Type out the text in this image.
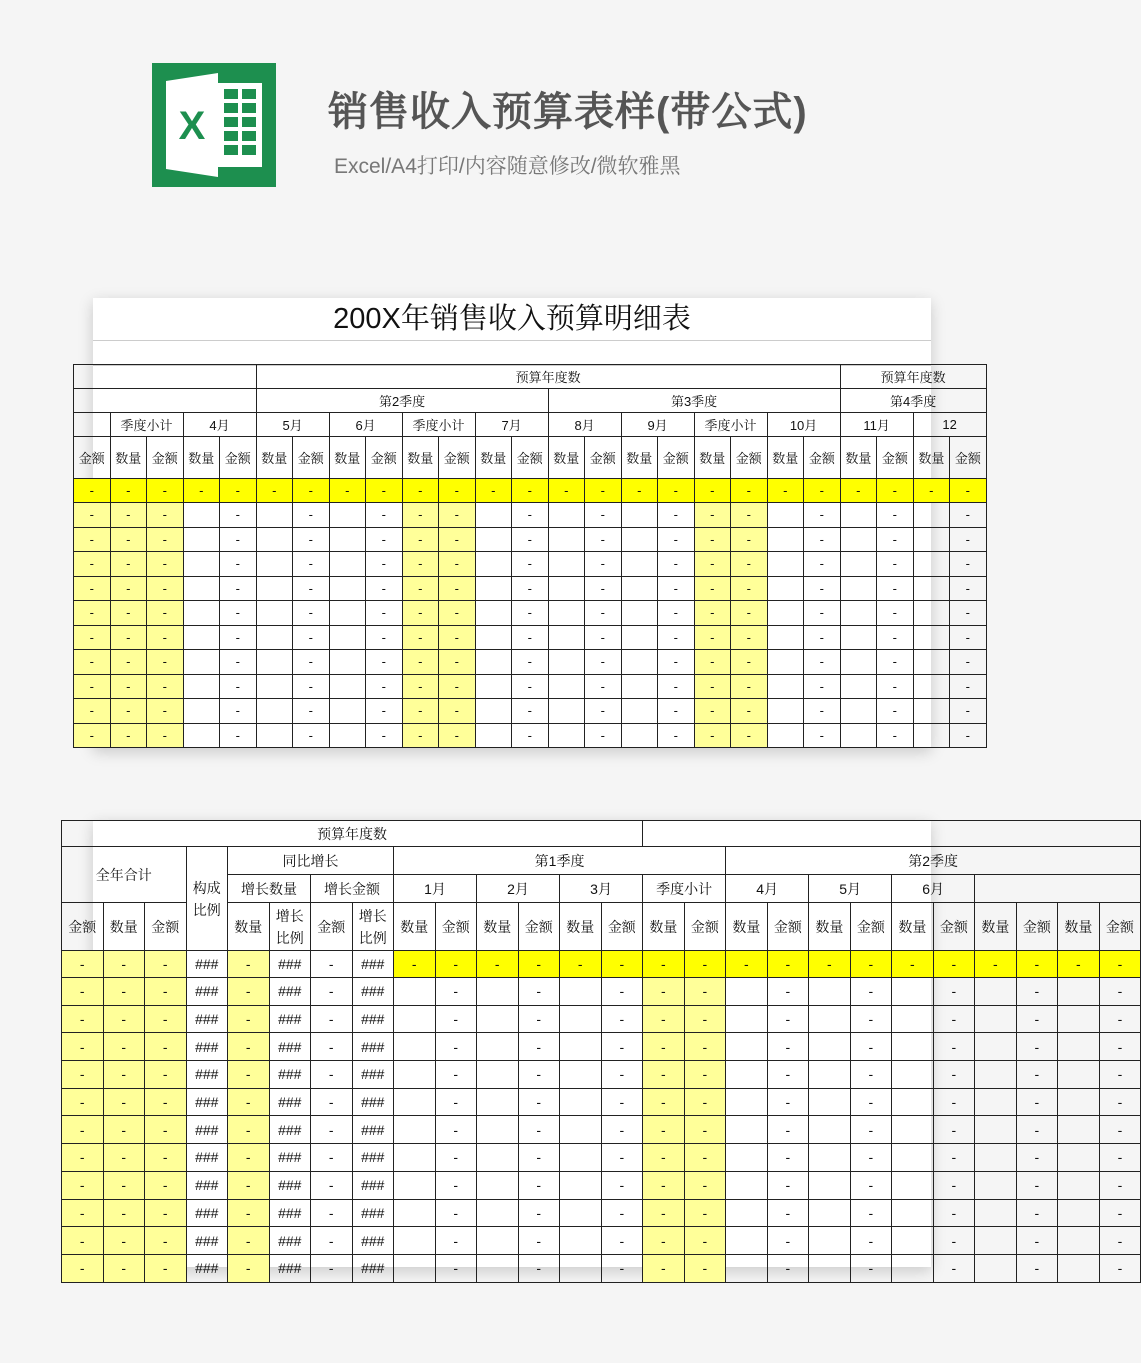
X	销售收入预算表样(带公式)
Excel/A4打印/内容随意修改/微软雅黑
200X年销售收入预算明细表
					预算年度数																预算年度数			
					第2季度								第3季度								第4季度			
	季度小计		4月		5月		6月		季度小计		7月		8月		9月		季度小计		10月		11月		12	
金额	数量	金额	数量	金额	数量	金额	数量	金额	数量	金额	数量	金额	数量	金额	数量	金额	数量	金额	数量	金额	数量	金额	数量	金额
-	-	-	-	-	-	-	-	-	-	-	-	-	-	-	-	-	-	-	-	-	-	-	-	-
-	-	-		-		-		-	-	-		-		-		-	-	-		-		-		-
-	-	-		-		-		-	-	-		-		-		-	-	-		-		-		-
-	-	-		-		-		-	-	-		-		-		-	-	-		-		-		-
-	-	-		-		-		-	-	-		-		-		-	-	-		-		-		-
-	-	-		-		-		-	-	-		-		-		-	-	-		-		-		-
-	-	-		-		-		-	-	-		-		-		-	-	-		-		-		-
-	-	-		-		-		-	-	-		-		-		-	-	-		-		-		-
-	-	-		-		-		-	-	-		-		-		-	-	-		-		-		-
-	-	-		-		-		-	-	-		-		-		-	-	-		-		-		-
-	-	-		-		-		-	-	-		-		-		-	-	-		-		-		-
预算年度数																									
全年合计			构成比例	同比增长				第1季度								第2季度									
				增长数量		增长金额		1月		2月		3月		季度小计		4月		5月		6月					
金额	数量	金额		数量	增长比例	金额	增长比例	数量	金额	数量	金额	数量	金额	数量	金额	数量	金额	数量	金额	数量	金额	数量	金额	数量	金额
-	-	-	###	-	###	-	###	-	-	-	-	-	-	-	-	-	-	-	-	-	-	-	-	-	-
-	-	-	###	-	###	-	###		-		-		-	-	-		-		-		-		-		-
-	-	-	###	-	###	-	###		-		-		-	-	-		-		-		-		-		-
-	-	-	###	-	###	-	###		-		-		-	-	-		-		-		-		-		-
-	-	-	###	-	###	-	###		-		-		-	-	-		-		-		-		-		-
-	-	-	###	-	###	-	###		-		-		-	-	-		-		-		-		-		-
-	-	-	###	-	###	-	###		-		-		-	-	-		-		-		-		-		-
-	-	-	###	-	###	-	###		-		-		-	-	-		-		-		-		-		-
-	-	-	###	-	###	-	###		-		-		-	-	-		-		-		-		-		-
-	-	-	###	-	###	-	###		-		-		-	-	-		-		-		-		-		-
-	-	-	###	-	###	-	###		-		-		-	-	-		-		-		-		-		-
-	-	-	###	-	###	-	###		-		-		-	-	-		-		-		-		-		-
